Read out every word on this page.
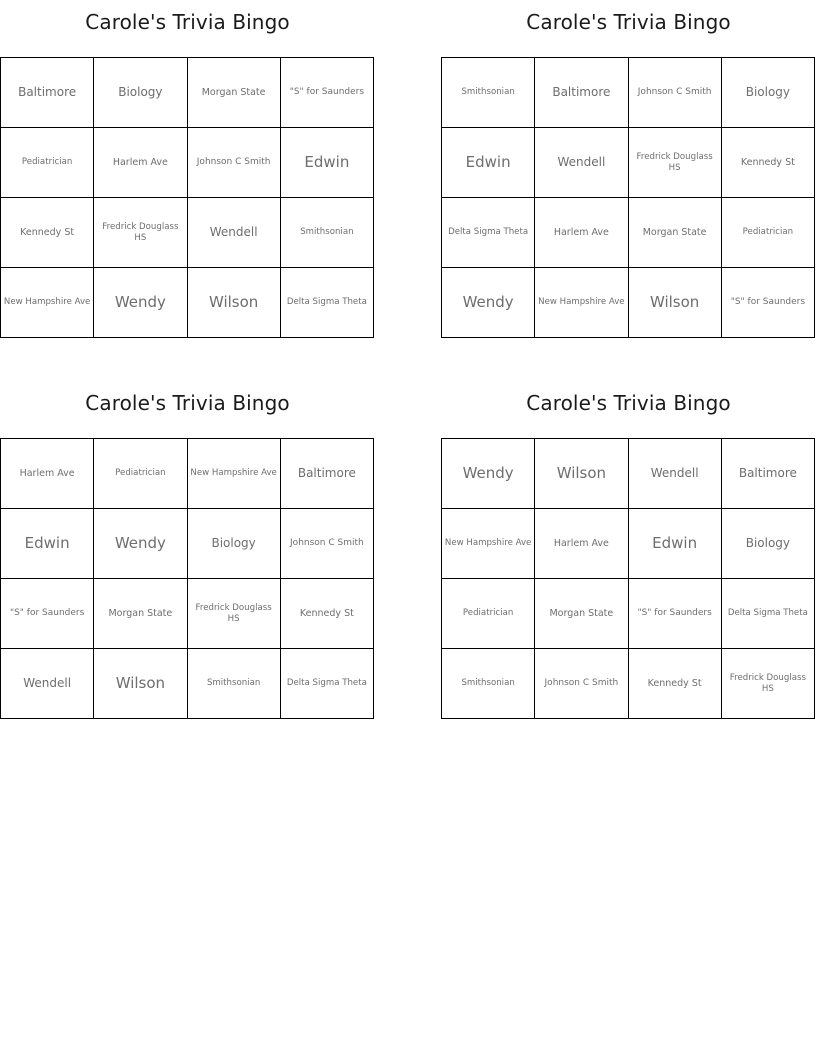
Carole's Trivia Bingo
Baltimore	Biology	Morgan State	"S" for Saunders
Pediatrician	Harlem Ave	Johnson C Smith	Edwin
Kennedy St	Fredrick Douglass HS	Wendell	Smithsonian
New Hampshire Ave	Wendy	Wilson	Delta Sigma Theta
Carole's Trivia Bingo
Smithsonian	Baltimore	Johnson C Smith	Biology
Edwin	Wendell	Fredrick Douglass HS	Kennedy St
Delta Sigma Theta	Harlem Ave	Morgan State	Pediatrician
Wendy	New Hampshire Ave	Wilson	"S" for Saunders
Carole's Trivia Bingo
Harlem Ave	Pediatrician	New Hampshire Ave	Baltimore
Edwin	Wendy	Biology	Johnson C Smith
"S" for Saunders	Morgan State	Fredrick Douglass HS	Kennedy St
Wendell	Wilson	Smithsonian	Delta Sigma Theta
Carole's Trivia Bingo
Wendy	Wilson	Wendell	Baltimore
New Hampshire Ave	Harlem Ave	Edwin	Biology
Pediatrician	Morgan State	"S" for Saunders	Delta Sigma Theta
Smithsonian	Johnson C Smith	Kennedy St	Fredrick Douglass HS
